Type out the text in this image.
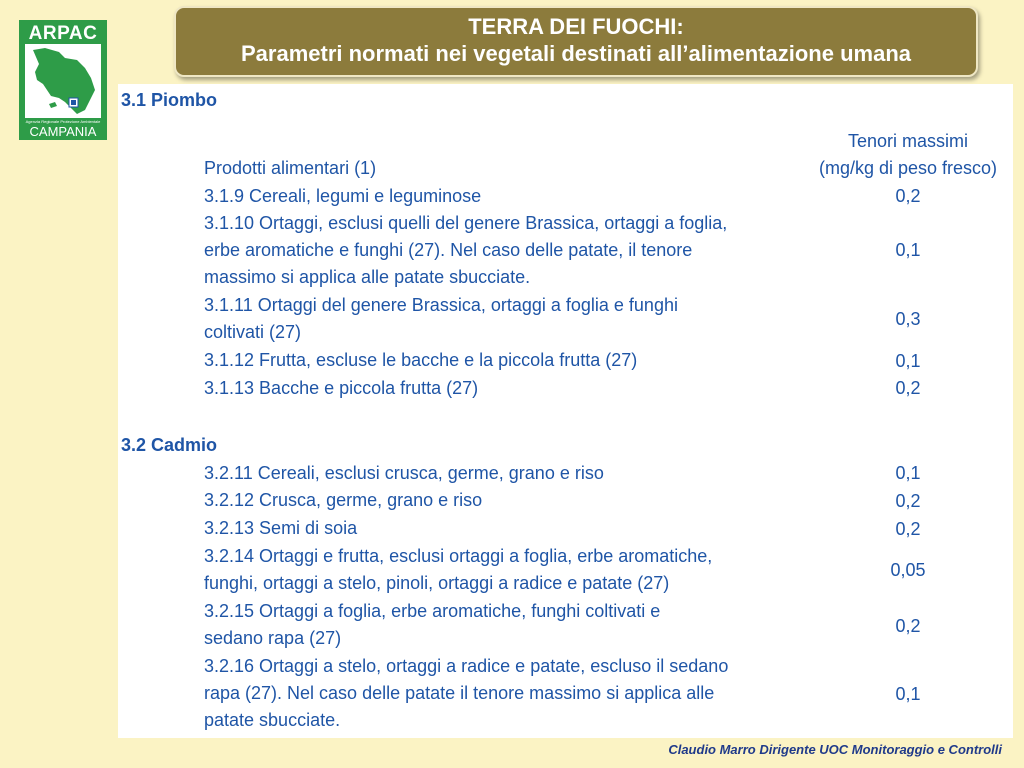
ARPAC
Agenzia Regionale Protezione Ambientale
CAMPANIA
TERRA DEI FUOCHI:
Parametri normati nei vegetali destinati all’alimentazione umana
3.1 Piombo
Tenori massimi
(mg/kg di peso fresco)
Prodotti alimentari (1)
3.1.9 Cereali, legumi e leguminose	0,2
3.1.10 Ortaggi, esclusi quelli del genere Brassica, ortaggi a foglia,
erbe aromatiche e funghi (27). Nel caso delle patate, il tenore
massimo si applica alle patate sbucciate.
0,1
3.1.11 Ortaggi del genere Brassica, ortaggi a foglia e funghi
coltivati (27)
0,3
3.1.12 Frutta, escluse le bacche e la piccola frutta (27)	0,1
3.1.13 Bacche e piccola frutta (27)	0,2
3.2 Cadmio
3.2.11 Cereali, esclusi crusca, germe, grano e riso	0,1
3.2.12 Crusca, germe, grano e riso	0,2
3.2.13 Semi di soia	0,2
3.2.14 Ortaggi e frutta, esclusi ortaggi a foglia, erbe aromatiche,
funghi, ortaggi a stelo, pinoli, ortaggi a radice e patate (27)
0,05
3.2.15 Ortaggi a foglia, erbe aromatiche, funghi coltivati e
sedano rapa (27)
0,2
3.2.16 Ortaggi a stelo, ortaggi a radice e patate, escluso il sedano
rapa (27). Nel caso delle patate il tenore massimo si applica alle
patate sbucciate.
0,1
Claudio Marro Dirigente UOC Monitoraggio e Controlli
